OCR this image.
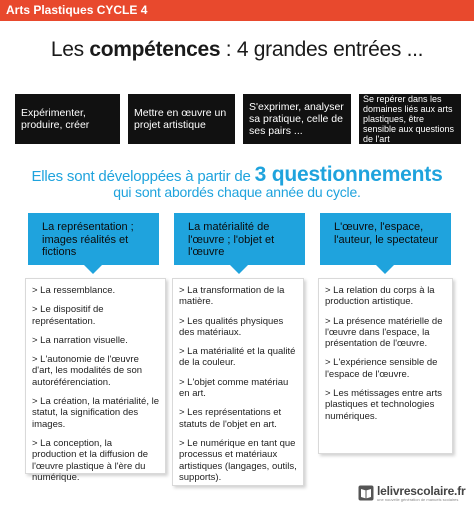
Arts Plastiques CYCLE 4
Les compétences : 4 grandes entrées ...
Expérimenter,
produire, créer
Mettre en œuvre un
projet artistique
S'exprimer, analyser
sa pratique, celle de
ses pairs ...
Se repérer dans les
domaines liés aux arts
plastiques, être
sensible aux questions
de l'art
Elles sont développées à partir de 3 questionnements
qui sont abordés chaque année du cycle.
La représentation ;
images réalités et
fictions
La matérialité de
l'œuvre ; l'objet et
l'œuvre
L'œuvre, l'espace,
l'auteur, le spectateur
> La ressemblance.
> Le dispositif de représentation.
> La narration visuelle.
> L'autonomie de l'œuvre d'art, les modalités de son autoréférenciation.
> La création, la matérialité, le statut, la signification des images.
> La conception, la production et la diffusion de l'œuvre plastique à l'ère du numérique.
> La transformation de la matière.
> Les qualités physiques des matériaux.
> La matérialité et la qualité de la couleur.
> L'objet comme matériau en art.
> Les représentations et statuts de l'objet en art.
> Le numérique en tant que processus et matériaux artistiques (langages, outils, supports).
> La relation du corps à la production artistique.
> La présence matérielle de l'œuvre dans l'espace, la présentation de l'œuvre.
> L'expérience sensible de l'espace de l'œuvre.
> Les métissages entre arts plastiques et technologies numériques.
lelivrescolaire.fr
une nouvelle génération de manuels scolaires
